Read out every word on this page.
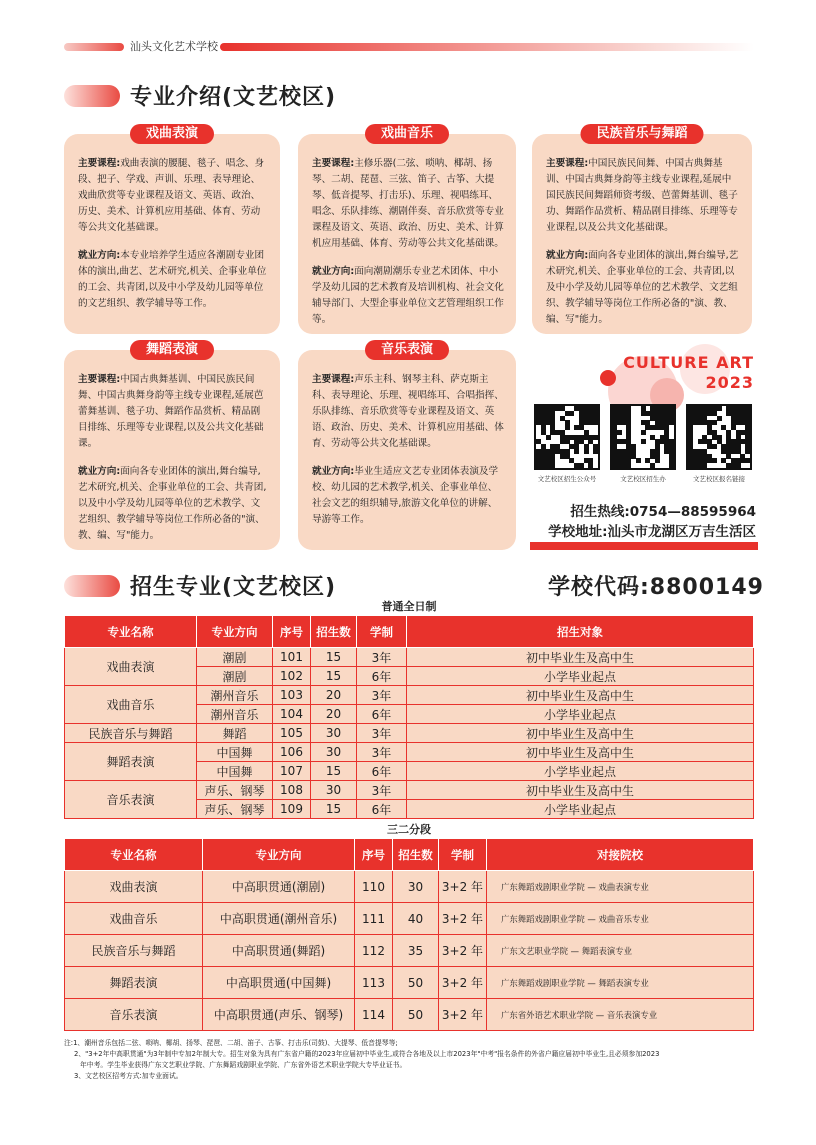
汕头文化艺术学校
专业介绍(文艺校区)
戏曲表演
主要课程:戏曲表演的腰腿、毯子、唱念、身段、把子、学戏、声训、乐理、表导理论、戏曲欣赏等专业课程及语文、英语、政治、历史、美术、计算机应用基础、体育、劳动等公共文化基础课。
就业方向:本专业培养学生适应各潮剧专业团体的演出,曲艺、艺术研究,机关、企事业单位的工会、共青团,以及中小学及幼儿园等单位的文艺组织、教学辅导等工作。
戏曲音乐
主要课程:主修乐器(二弦、唢呐、椰胡、扬琴、二胡、琵琶、三弦、笛子、古筝、大提琴、低音提琴、打击乐)、乐理、视唱练耳、唱念、乐队排练、潮剧伴奏、音乐欣赏等专业课程及语文、英语、政治、历史、美术、计算机应用基础、体育、劳动等公共文化基础课。
就业方向:面向潮剧潮乐专业艺术团体、中小学及幼儿园的艺术教育及培训机构、社会文化辅导部门、大型企事业单位文艺管理组织工作等。
民族音乐与舞蹈
主要课程:中国民族民间舞、中国古典舞基训、中国古典舞身韵等主线专业课程,延展中国民族民间舞蹈师资考级、芭蕾舞基训、毯子功、舞蹈作品赏析、精品剧目排练、乐理等专业课程,以及公共文化基础课。
就业方向:面向各专业团体的演出,舞台编导,艺术研究,机关、企事业单位的工会、共青团,以及中小学及幼儿园等单位的艺术教学、文艺组织、教学辅导等岗位工作所必备的"演、教、编、写"能力。
舞蹈表演
主要课程:中国古典舞基训、中国民族民间舞、中国古典舞身韵等主线专业课程,延展芭蕾舞基训、毯子功、舞蹈作品赏析、精品剧目排练、乐理等专业课程,以及公共文化基础课。
就业方向:面向各专业团体的演出,舞台编导,艺术研究,机关、企事业单位的工会、共青团,以及中小学及幼儿园等单位的艺术教学、文艺组织、教学辅导等岗位工作所必备的"演、教、编、写"能力。
音乐表演
主要课程:声乐主科、钢琴主科、萨克斯主科、表导理论、乐理、视唱练耳、合唱指挥、乐队排练、音乐欣赏等专业课程及语文、英语、政治、历史、美术、计算机应用基础、体育、劳动等公共文化基础课。
就业方向:毕业生适应文艺专业团体表演及学校、幼儿园的艺术教学,机关、企事业单位、社会文艺的组织辅导,旅游文化单位的讲解、导游等工作。
CULTURE ART
2023
文艺校区招生公众号	文艺校区招生办	文艺校区报名链接
招生热线:0754—88595964
学校地址:汕头市龙湖区万吉生活区
招生专业(文艺校区)	学校代码:8800149
普通全日制
专业名称	专业方向	序号	招生数	学制	招生对象
戏曲表演	潮剧	101	15	3年	初中毕业生及高中生
	潮剧	102	15	6年	小学毕业起点
戏曲音乐	潮州音乐	103	20	3年	初中毕业生及高中生
	潮州音乐	104	20	6年	小学毕业起点
民族音乐与舞蹈	舞蹈	105	30	3年	初中毕业生及高中生
舞蹈表演	中国舞	106	30	3年	初中毕业生及高中生
	中国舞	107	15	6年	小学毕业起点
音乐表演	声乐、钢琴	108	30	3年	初中毕业生及高中生
	声乐、钢琴	109	15	6年	小学毕业起点
三二分段
专业名称	专业方向	序号	招生数	学制	对接院校
戏曲表演	中高职贯通(潮剧)	110	30	3+2 年	广东舞蹈戏剧职业学院 — 戏曲表演专业
戏曲音乐	中高职贯通(潮州音乐)	111	40	3+2 年	广东舞蹈戏剧职业学院 — 戏曲音乐专业
民族音乐与舞蹈	中高职贯通(舞蹈)	112	35	3+2 年	广东文艺职业学院 — 舞蹈表演专业
舞蹈表演	中高职贯通(中国舞)	113	50	3+2 年	广东舞蹈戏剧职业学院 — 舞蹈表演专业
音乐表演	中高职贯通(声乐、钢琴)	114	50	3+2 年	广东省外语艺术职业学院 — 音乐表演专业
注:1、潮州音乐包括二弦、唢呐、椰胡、扬琴、琵琶、二胡、笛子、古筝、打击乐(司鼓)、大提琴、低音提琴等;
2、"3+2年中高职贯通"为3年制中专加2年制大专。招生对象为具有广东省户籍的2023年应届初中毕业生,或符合各地及以上市2023年"中考"报名条件的外省户籍应届初中毕业生,且必须参加2023
年中考。学生毕业获得广东文艺职业学院、广东舞蹈戏剧职业学院、广东省外语艺术职业学院大专毕业证书。
3、文艺校区招考方式:加专业面试。
